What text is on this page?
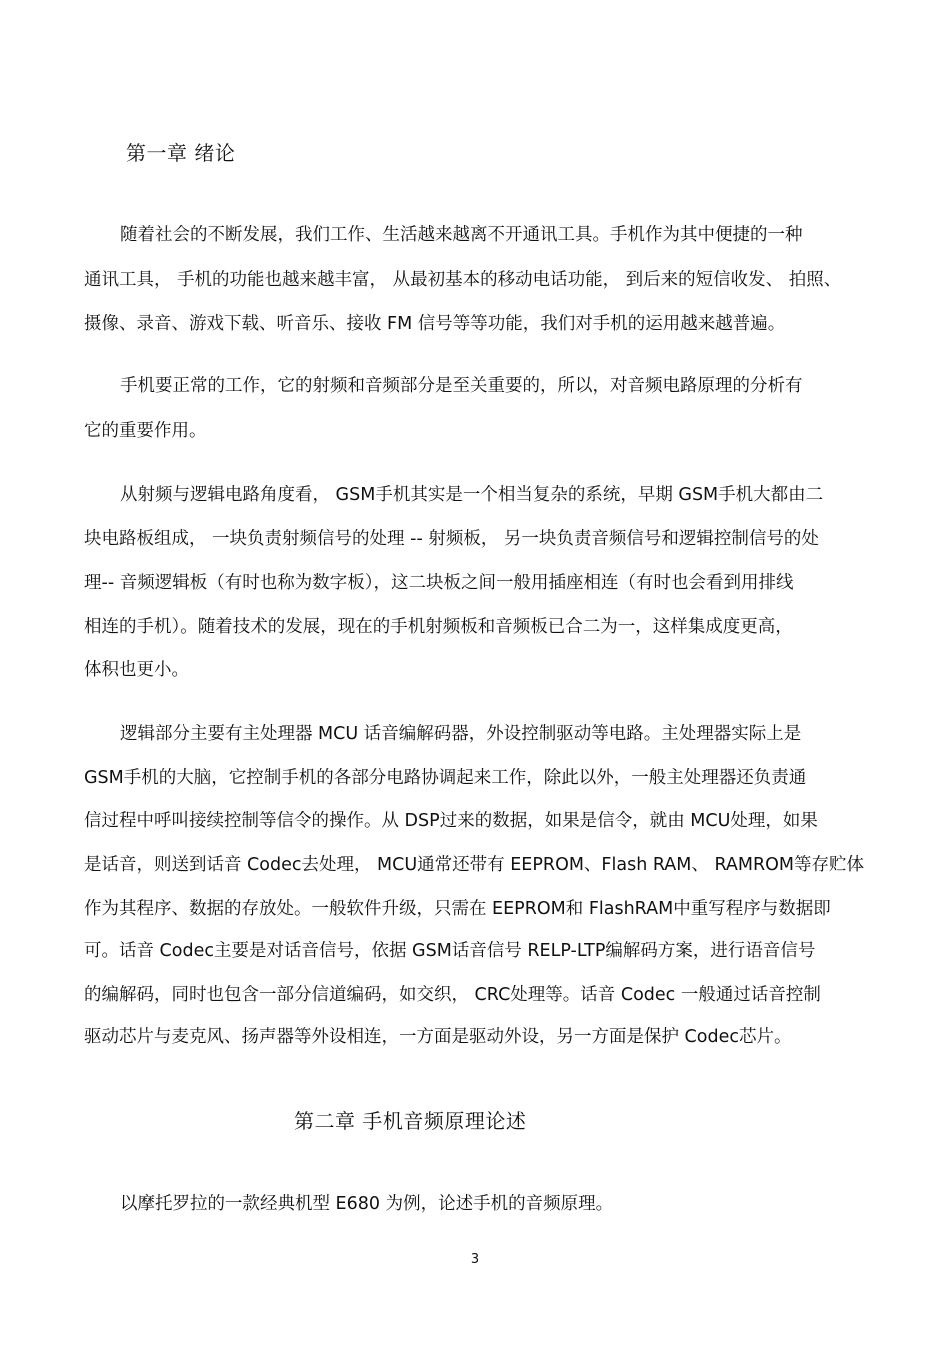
第一章 绪论
随着社会的不断发展，我们工作、生活越来越离不开通讯工具。手机作为其中便捷的一种
通讯工具， 手机的功能也越来越丰富， 从最初基本的移动电话功能， 到后来的短信收发、 拍照、
摄像、录音、游戏下载、听音乐、接收 FM 信号等等功能，我们对手机的运用越来越普遍。
手机要正常的工作，它的射频和音频部分是至关重要的，所以，对音频电路原理的分析有
它的重要作用。
从射频与逻辑电路角度看， GSM手机其实是一个相当复杂的系统，早期 GSM手机大都由二
块电路板组成， 一块负责射频信号的处理 -- 射频板， 另一块负责音频信号和逻辑控制信号的处
理-- 音频逻辑板（有时也称为数字板），这二块板之间一般用插座相连（有时也会看到用排线
相连的手机）。随着技术的发展，现在的手机射频板和音频板已合二为一，这样集成度更高，
体积也更小。
逻辑部分主要有主处理器 MCU 话音编解码器，外设控制驱动等电路。主处理器实际上是
GSM手机的大脑，它控制手机的各部分电路协调起来工作，除此以外，一般主处理器还负责通
信过程中呼叫接续控制等信令的操作。从 DSP过来的数据，如果是信令，就由 MCU处理，如果
是话音，则送到话音 Codec去处理， MCU通常还带有 EEPROM、Flash RAM、 RAMROM等存贮体
作为其程序、数据的存放处。一般软件升级，只需在 EEPROM和 FlashRAM中重写程序与数据即
可。话音 Codec主要是对话音信号，依据 GSM话音信号 RELP-LTP编解码方案，进行语音信号
的编解码，同时也包含一部分信道编码，如交织， CRC处理等。话音 Codec 一般通过话音控制
驱动芯片与麦克风、扬声器等外设相连，一方面是驱动外设，另一方面是保护 Codec芯片。
第二章 手机音频原理论述
以摩托罗拉的一款经典机型 E680 为例，论述手机的音频原理。
3
